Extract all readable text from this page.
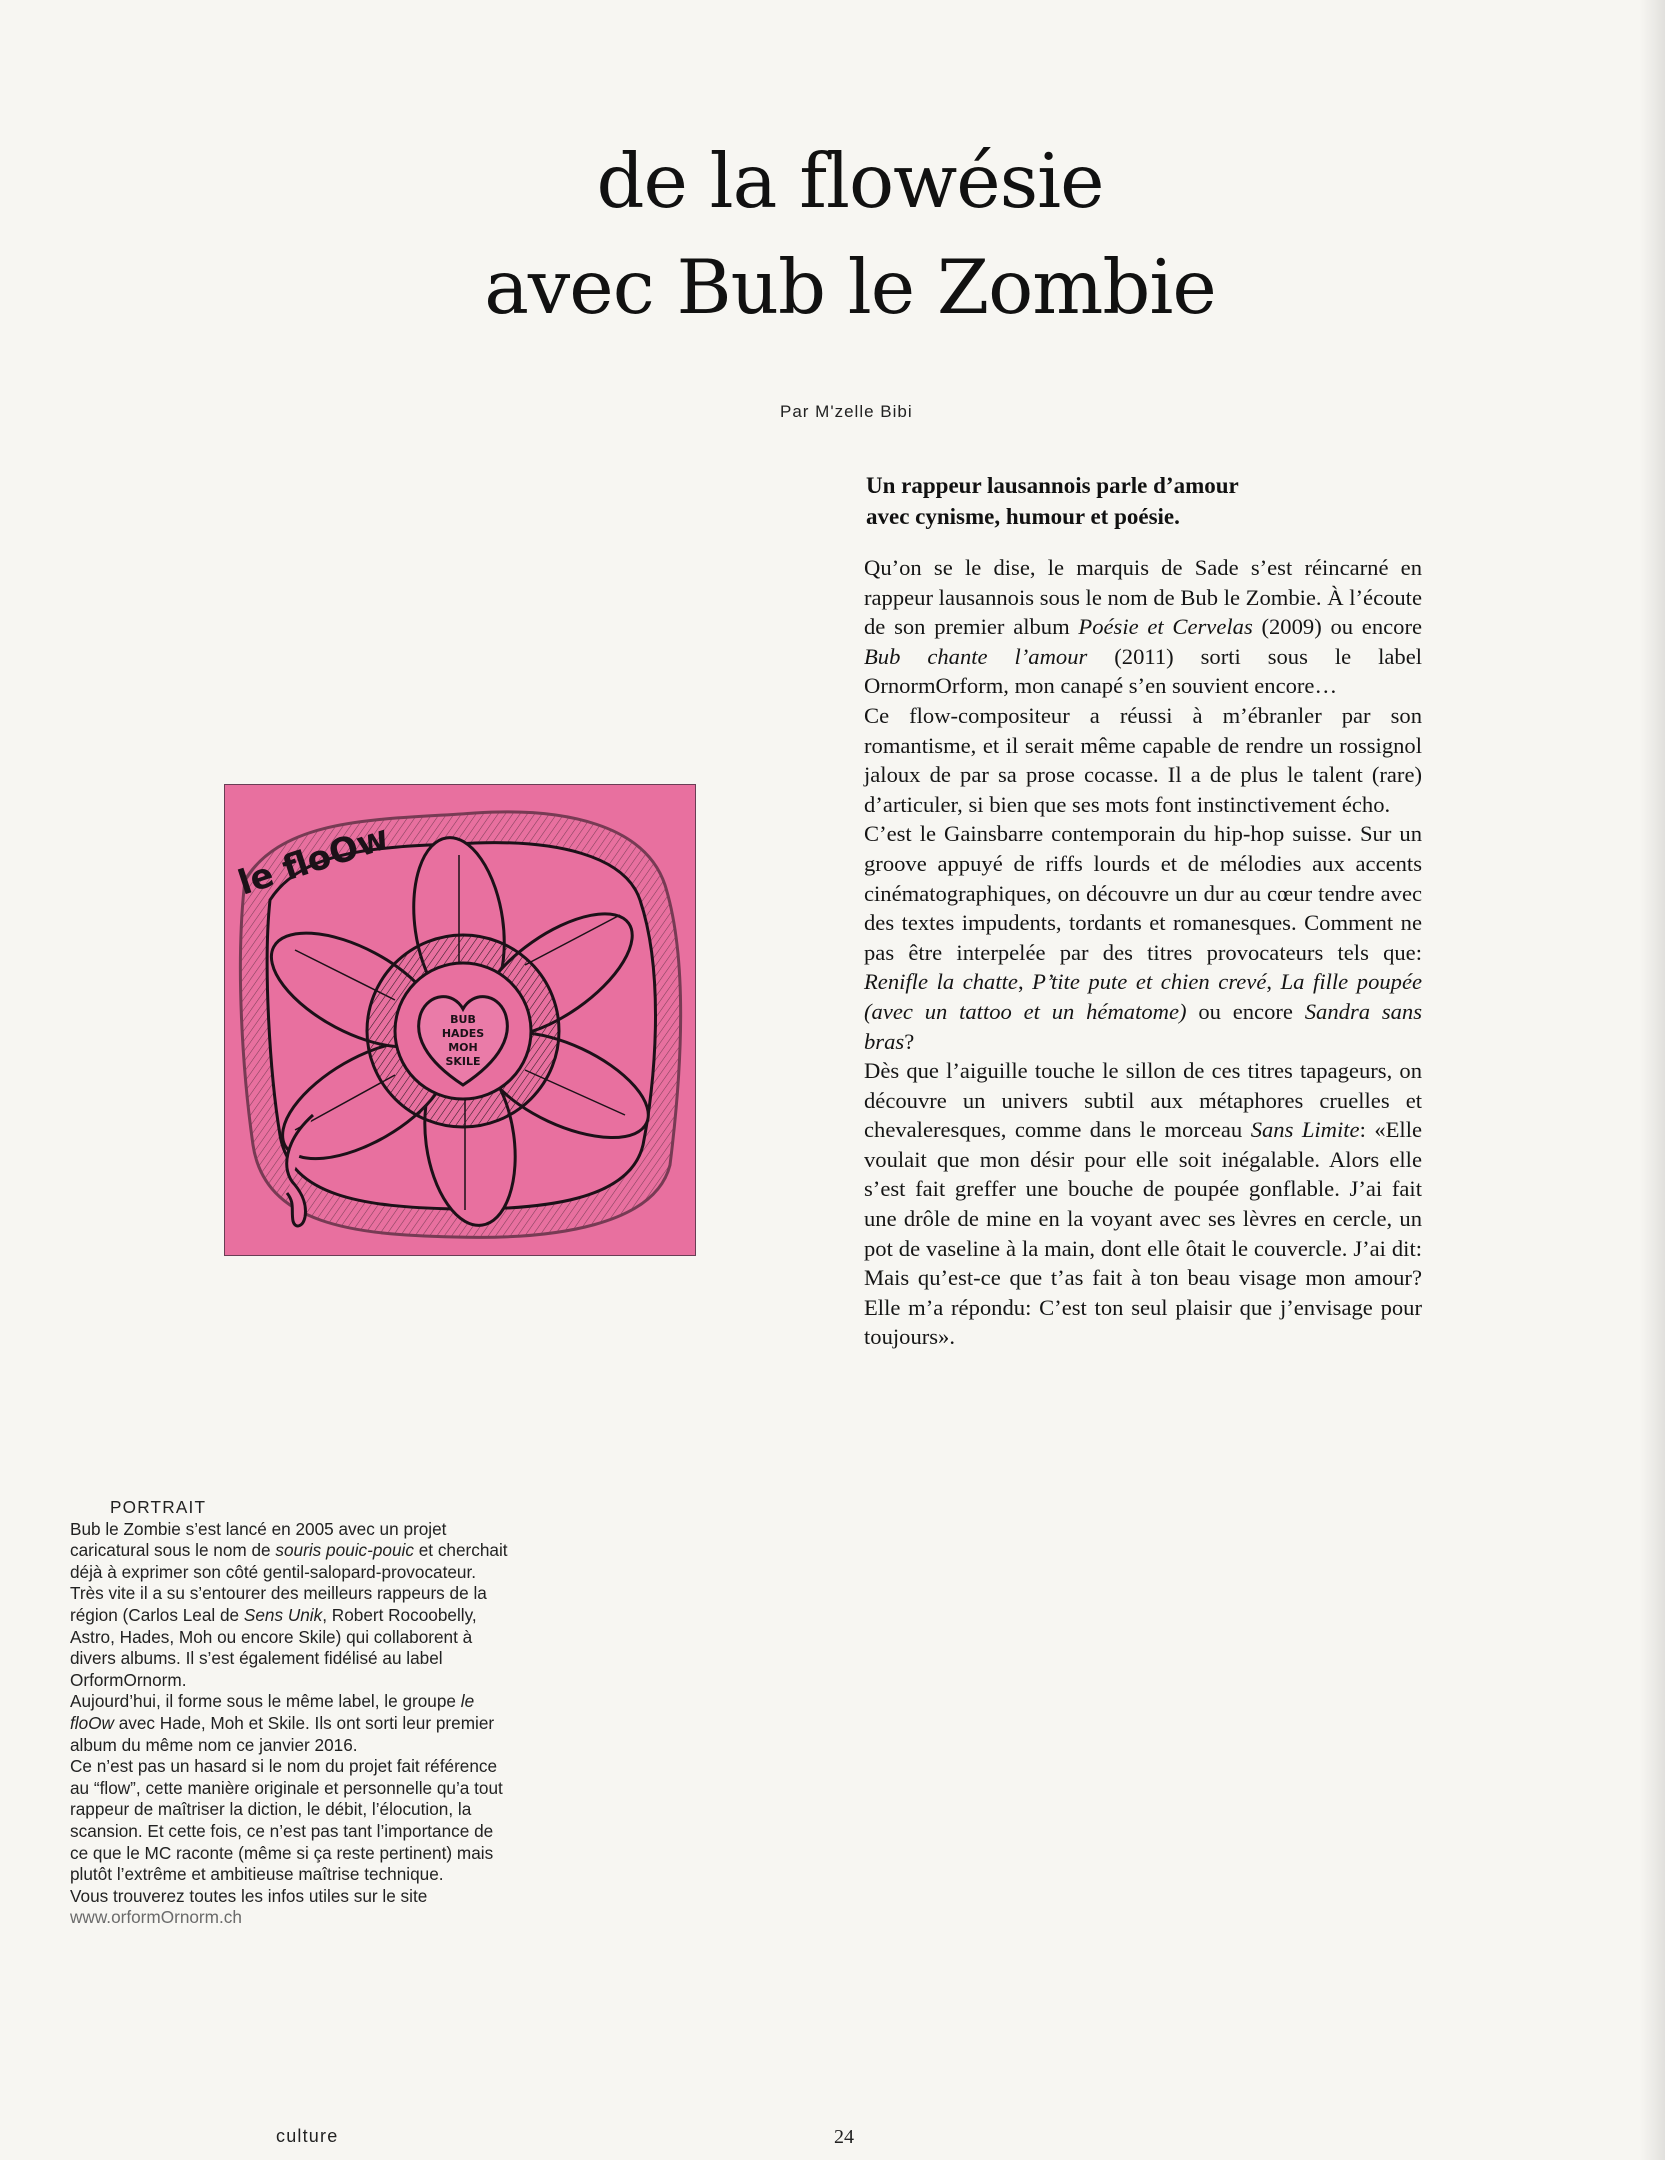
de la flowésie
avec Bub le Zombie
Par M'zelle Bibi
Un rappeur lausannois parle d’amour
avec cynisme, humour et poésie.

Qu’on se le dise, le marquis de Sade s’est réincarné en rappeur lausannois sous le nom de Bub le Zombie. À l’écoute de son premier album Poésie et Cervelas (2009) ou encore Bub chante l’amour (2011) sorti sous le label OrnormOrform, mon canapé s’en souvient encore…

Ce flow-compositeur a réussi à m’ébranler par son romantisme, et il serait même capable de rendre un rossignol jaloux de par sa prose cocasse. Il a de plus le talent (rare) d’articuler, si bien que ses mots font instinctivement écho.

C’est le Gainsbarre contemporain du hip-hop suisse. Sur un groove appuyé de riffs lourds et de mélodies aux accents cinématographiques, on découvre un dur au cœur tendre avec des textes impudents, tordants et romanesques. Comment ne pas être interpelée par des titres provocateurs tels que: Renifle la chatte, P’tite pute et chien crevé, La fille poupée (avec un tattoo et un hématome) ou encore Sandra sans bras?

Dès que l’aiguille touche le sillon de ces titres tapageurs, on découvre un univers subtil aux métaphores cruelles et chevaleresques, comme dans le morceau Sans Limite: «Elle voulait que mon désir pour elle soit inégalable. Alors elle s’est fait greffer une bouche de poupée gonflable. J’ai fait une drôle de mine en la voyant avec ses lèvres en cercle, un pot de vaseline à la main, dont elle ôtait le couvercle. J’ai dit: Mais qu’est-ce que t’as fait à ton beau visage mon amour? Elle m’a répondu: C’est ton seul plaisir que j’envisage pour toujours».

BUB
HADES
MOH
SKILE
le floOw
PORTRAIT

Bub le Zombie s’est lancé en 2005 avec un projet caricatural sous le nom de souris pouic-pouic et cherchait déjà à exprimer son côté gentil-salopard-provocateur.

Très vite il a su s’entourer des meilleurs rappeurs de la région (Carlos Leal de Sens Unik, Robert Rocoobelly, Astro, Hades, Moh ou encore Skile) qui collaborent à divers albums. Il s’est également fidélisé au label OrformOrnorm.

Aujourd’hui, il forme sous le même label, le groupe le floOw avec Hade, Moh et Skile. Ils ont sorti leur premier album du même nom ce janvier 2016.

Ce n’est pas un hasard si le nom du projet fait référence au “flow”, cette manière originale et personnelle qu’a tout rappeur de maîtriser la diction, le débit, l’élocution, la scansion. Et cette fois, ce n’est pas tant l’importance de ce que le MC raconte (même si ça reste pertinent) mais plutôt l’extrême et ambitieuse maîtrise technique.

Vous trouverez toutes les infos utiles sur le site www.orformOrnorm.ch

culture	24
